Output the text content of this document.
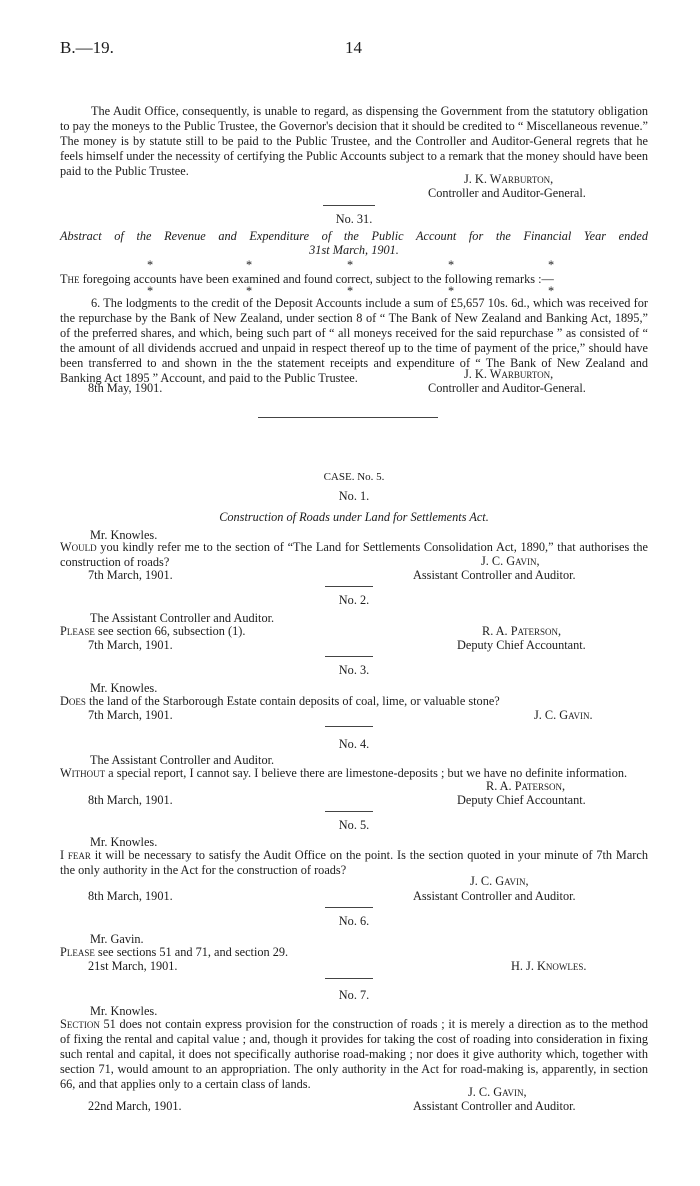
B.—19.	14
The Audit Office, consequently, is unable to regard, as dispensing the Government from the statutory obligation to pay the moneys to the Public Trustee, the Governor's decision that it should be credited to “ Miscellaneous revenue.” The money is by statute still to be paid to the Public Trustee, and the Controller and Auditor-General regrets that he feels himself under the necessity of certifying the Public Accounts subject to a remark that the money should have been paid to the Public Trustee.
J. K. Warburton,
Controller and Auditor-General.
No. 31.
Abstract of the Revenue and Expenditure of the Public Account for the Financial Year ended
31st March, 1901.
*	*	*	*	*
The foregoing accounts have been examined and found correct, subject to the following remarks :—
*	*	*	*	*
6. The lodgments to the credit of the Deposit Accounts include a sum of £5,657 10s. 6d., which was received for the repurchase by the Bank of New Zealand, under section 8 of “ The Bank of New Zealand and Banking Act, 1895,” of the preferred shares, and which, being such part of “ all moneys received for the said repurchase ” as consisted of “ the amount of all dividends accrued and unpaid in respect thereof up to the time of payment of the price,” should have been transferred to and shown in the the statement receipts and expenditure of “ The Bank of New Zealand and Banking Act 1895 ” Account, and paid to the Public Trustee.	J. K. Warburton,
8th May, 1901.	Controller and Auditor-General.
CASE. No. 5.
No. 1.
Construction of Roads under Land for Settlements Act.
Mr. Knowles.
Would you kindly refer me to the section of “The Land for Settlements Consolidation Act, 1890,” that authorises the construction of roads?	J. C. Gavin,
7th March, 1901.	Assistant Controller and Auditor.
No. 2.
The Assistant Controller and Auditor.
Please see section 66, subsection (1).	R. A. Paterson,
7th March, 1901.	Deputy Chief Accountant.
No. 3.
Mr. Knowles.
Does the land of the Starborough Estate contain deposits of coal, lime, or valuable stone?
7th March, 1901.	J. C. Gavin.
No. 4.
The Assistant Controller and Auditor.
Without a special report, I cannot say. I believe there are limestone-deposits ; but we have no definite information.
R. A. Paterson,
8th March, 1901.	Deputy Chief Accountant.
No. 5.
Mr. Knowles.
I fear it will be necessary to satisfy the Audit Office on the point. Is the section quoted in your minute of 7th March the only authority in the Act for the construction of roads?
J. C. Gavin,
8th March, 1901.	Assistant Controller and Auditor.
No. 6.
Mr. Gavin.
Please see sections 51 and 71, and section 29.
21st March, 1901.	H. J. Knowles.
No. 7.
Mr. Knowles.
Section 51 does not contain express provision for the construction of roads ; it is merely a direction as to the method of fixing the rental and capital value ; and, though it provides for taking the cost of roading into consideration in fixing such rental and capital, it does not specifically authorise road-making ; nor does it give authority which, together with section 71, would amount to an appropriation. The only authority in the Act for road-making is, apparently, in section 66, and that applies only to a certain class of lands.
J. C. Gavin,
22nd March, 1901.	Assistant Controller and Auditor.
